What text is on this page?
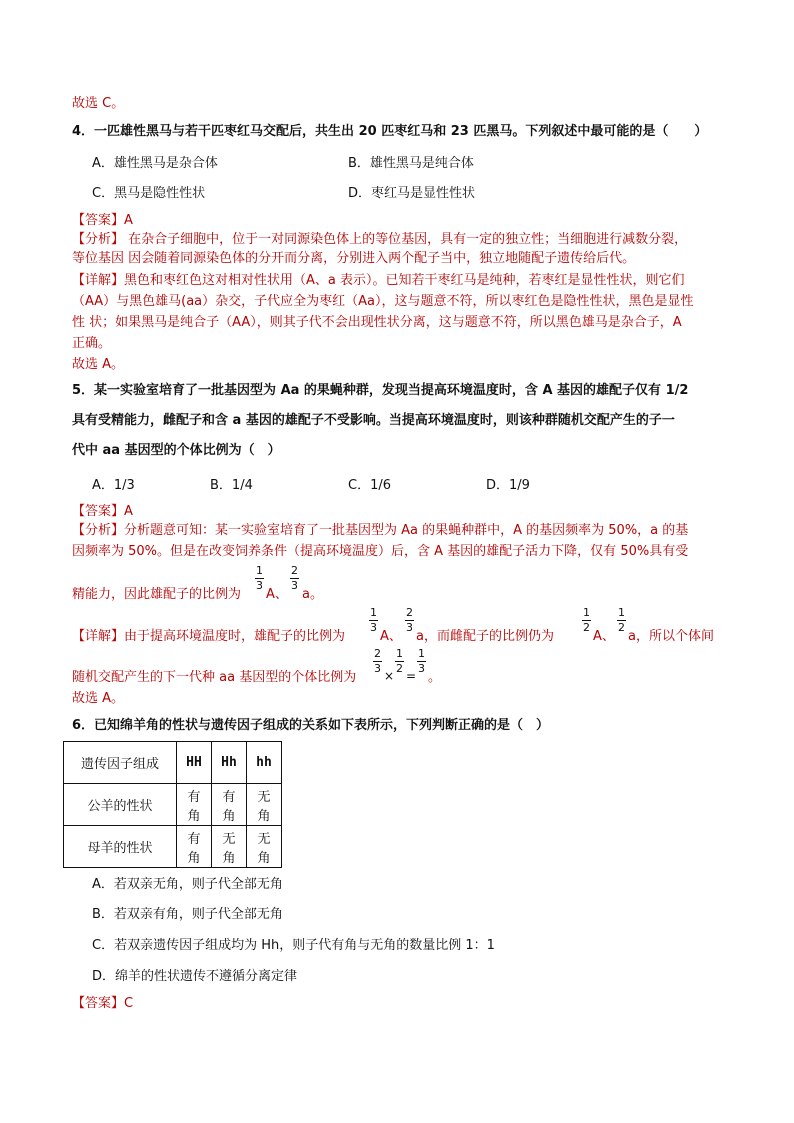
故选 C。
4．一匹雄性黑马与若干匹枣红马交配后，共生出 20 匹枣红马和 23 匹黑马。下列叙述中最可能的是（　　）
A．雄性黑马是杂合体	B．雄性黑马是纯合体
C．黑马是隐性性状	D．枣红马是显性性状
【答案】A
【分析】 在杂合子细胞中，位于一对同源染色体上的等位基因，具有一定的独立性；当细胞进行减数分裂，
等位基因 因会随着同源染色体的分开而分离，分别进入两个配子当中，独立地随配子遗传给后代。
【详解】黑色和枣红色这对相对性状用（A、a 表示）。已知若干枣红马是纯种，若枣红是显性性状，则它们
（AA）与黑色雄马(aa）杂交，子代应全为枣红（Aa），这与题意不符，所以枣红色是隐性性状，黑色是显性
性 状；如果黑马是纯合子（AA），则其子代不会出现性状分离，这与题意不符，所以黑色雄马是杂合子，A
正确。
故选 A。
5．某一实验室培育了一批基因型为 Aa 的果蝇种群，发现当提高环境温度时，含 A 基因的雄配子仅有 1/2
具有受精能力，雌配子和含 a 基因的雄配子不受影响。当提高环境温度时，则该种群随机交配产生的子一
代中 aa 基因型的个体比例为（　）
A．1/3	B．1/4	C．1/6	D．1/9
【答案】A
【分析】分析题意可知：某一实验室培育了一批基因型为 Aa 的果蝇种群中，A 的基因频率为 50%，a 的基
因频率为 50%。但是在改变饲养条件（提高环境温度）后，含 A 基因的雄配子活力下降，仅有 50%具有受
精能力，因此雄配子的比例为
1
3
A、
2
3
a。
【详解】由于提高环境温度时，雄配子的比例为
1
3
A、
2
3
a，而雌配子的比例仍为
1
2
A、
1
2
a，所以个体间
随机交配产生的下一代种 aa 基因型的个体比例为
2
3
×
1
2
=
1
3
。
故选 A。
6．已知绵羊角的性状与遗传因子组成的关系如下表所示，下列判断正确的是（　）
遗传因子组成	HH	Hh	hh
公羊的性状	有角	有角	无角
母羊的性状	有角	无角	无角
A．若双亲无角，则子代全部无角
B．若双亲有角，则子代全部无角
C．若双亲遗传因子组成均为 Hh，则子代有角与无角的数量比例 1：1
D．绵羊的性状遗传不遵循分离定律
【答案】C
